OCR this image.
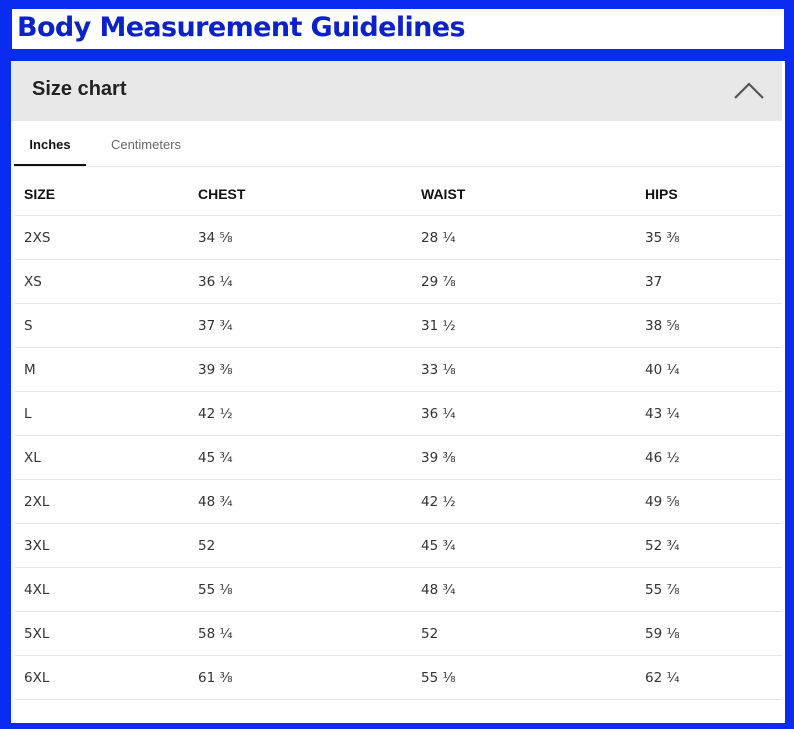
Body Measurement Guidelines
Size chart
Inches	Centimeters
SIZE	CHEST	WAIST	HIPS
2XS	34 ⅝	28 ¼	35 ⅜
XS	36 ¼	29 ⅞	37
S	37 ¾	31 ½	38 ⅝
M	39 ⅜	33 ⅛	40 ¼
L	42 ½	36 ¼	43 ¼
XL	45 ¾	39 ⅜	46 ½
2XL	48 ¾	42 ½	49 ⅝
3XL	52	45 ¾	52 ¾
4XL	55 ⅛	48 ¾	55 ⅞
5XL	58 ¼	52	59 ⅛
6XL	61 ⅜	55 ⅛	62 ¼
